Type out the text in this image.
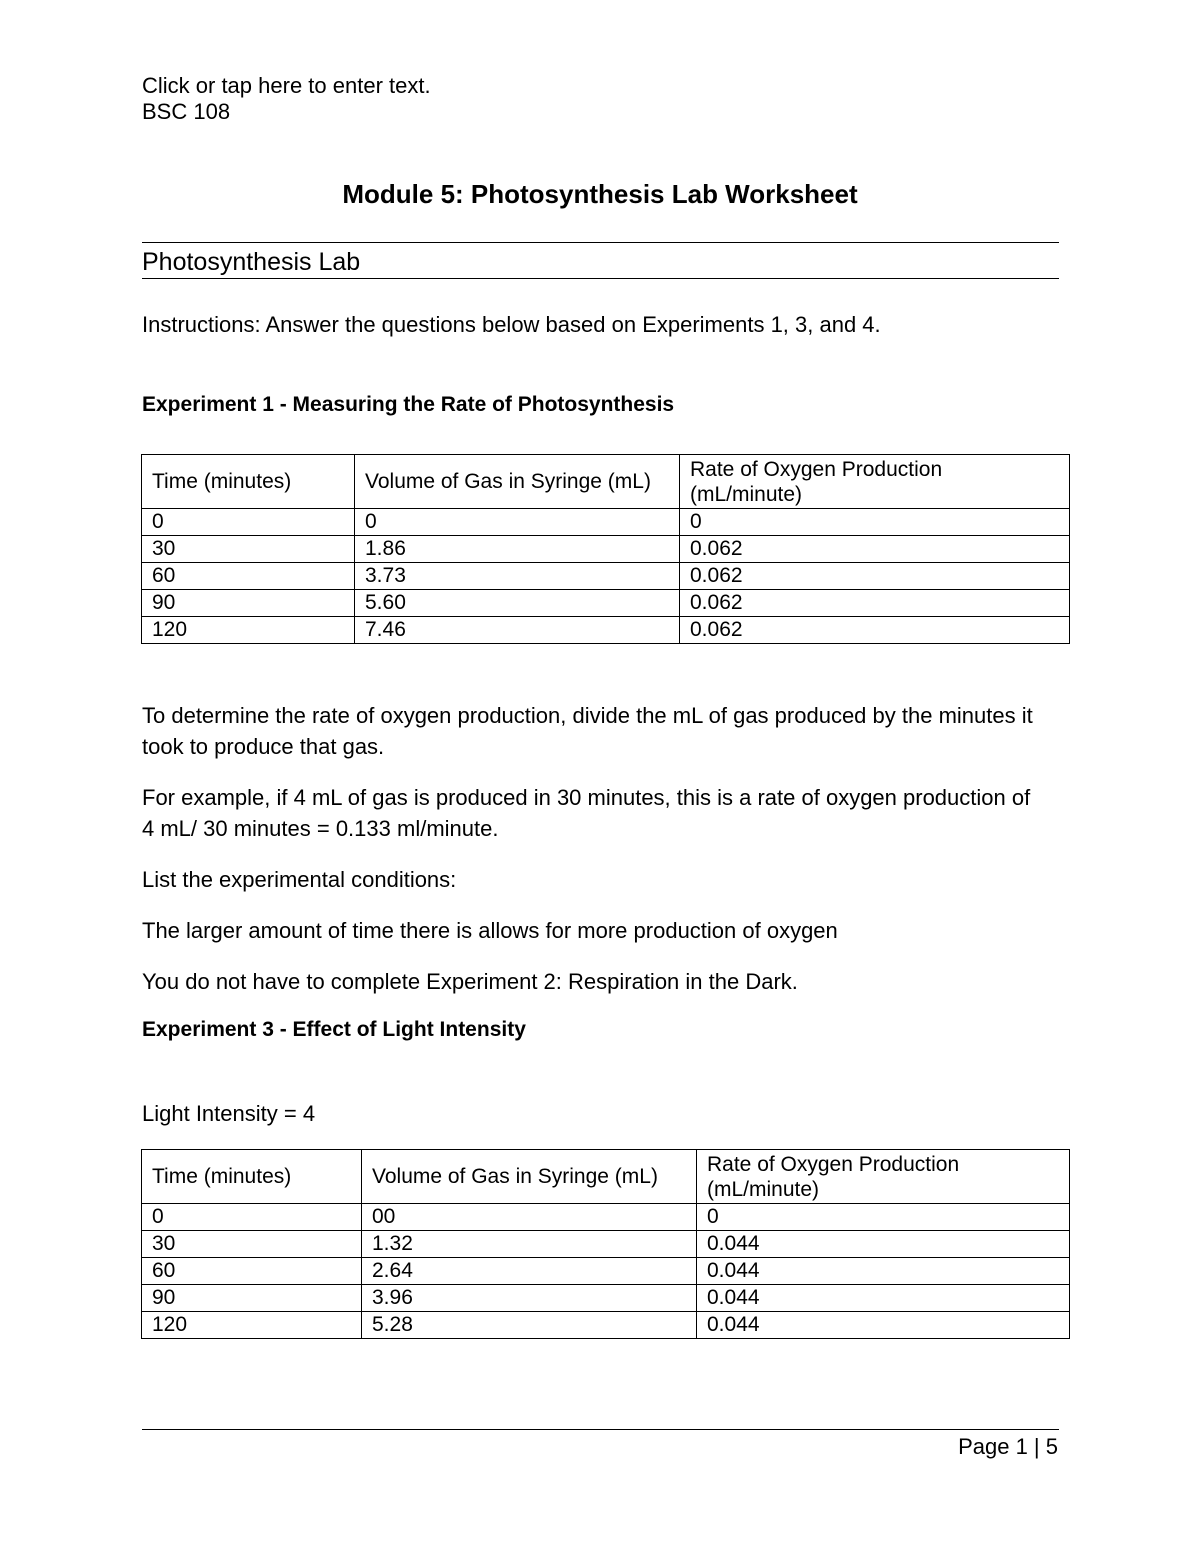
Click or tap here to enter text.
BSC 108
Module 5: Photosynthesis Lab Worksheet
Photosynthesis Lab
Instructions: Answer the questions below based on Experiments 1, 3, and 4.
Experiment 1 - Measuring the Rate of Photosynthesis
Time (minutes)	Volume of Gas in Syringe (mL)	Rate of Oxygen Production (mL/minute)
0	0	0
30	1.86	0.062
60	3.73	0.062
90	5.60	0.062
120	7.46	0.062
To determine the rate of oxygen production, divide the mL of gas produced by the minutes it took to produce that gas.
For example, if 4 mL of gas is produced in 30 minutes, this is a rate of oxygen production of 4 mL/ 30 minutes = 0.133 ml/minute.
List the experimental conditions:
The larger amount of time there is allows for more production of oxygen
You do not have to complete Experiment 2: Respiration in the Dark.
Experiment 3 - Effect of Light Intensity
Light Intensity = 4
Time (minutes)	Volume of Gas in Syringe (mL)	Rate of Oxygen Production (mL/minute)
0	00	0
30	1.32	0.044
60	2.64	0.044
90	3.96	0.044
120	5.28	0.044
Page 1 | 5
